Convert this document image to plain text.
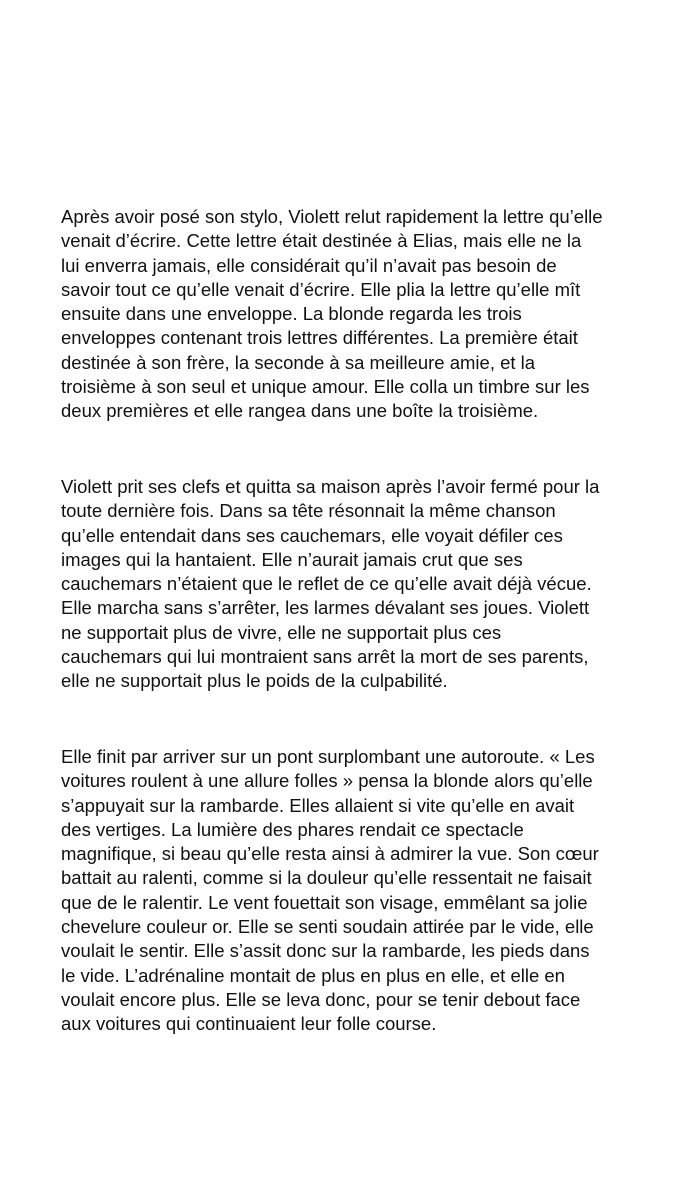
Après avoir posé son stylo, Violett relut rapidement la lettre qu’elle
venait d’écrire. Cette lettre était destinée à Elias, mais elle ne la
lui enverra jamais, elle considérait qu’il n’avait pas besoin de
savoir tout ce qu’elle venait d’écrire. Elle plia la lettre qu’elle mît
ensuite dans une enveloppe. La blonde regarda les trois
enveloppes contenant trois lettres différentes. La première était
destinée à son frère, la seconde à sa meilleure amie, et la
troisième à son seul et unique amour. Elle colla un timbre sur les
deux premières et elle rangea dans une boîte la troisième.

Violett prit ses clefs et quitta sa maison après l’avoir fermé pour la
toute dernière fois. Dans sa tête résonnait la même chanson
qu’elle entendait dans ses cauchemars, elle voyait défiler ces
images qui la hantaient. Elle n’aurait jamais crut que ses
cauchemars n’étaient que le reflet de ce qu’elle avait déjà vécue.
Elle marcha sans s’arrêter, les larmes dévalant ses joues. Violett
ne supportait plus de vivre, elle ne supportait plus ces
cauchemars qui lui montraient sans arrêt la mort de ses parents,
elle ne supportait plus le poids de la culpabilité.

Elle finit par arriver sur un pont surplombant une autoroute. « Les
voitures roulent à une allure folles » pensa la blonde alors qu’elle
s’appuyait sur la rambarde. Elles allaient si vite qu’elle en avait
des vertiges. La lumière des phares rendait ce spectacle
magnifique, si beau qu’elle resta ainsi à admirer la vue. Son cœur
battait au ralenti, comme si la douleur qu’elle ressentait ne faisait
que de le ralentir. Le vent fouettait son visage, emmêlant sa jolie
chevelure couleur or. Elle se senti soudain attirée par le vide, elle
voulait le sentir. Elle s’assit donc sur la rambarde, les pieds dans
le vide. L’adrénaline montait de plus en plus en elle, et elle en
voulait encore plus. Elle se leva donc, pour se tenir debout face
aux voitures qui continuaient leur folle course.
